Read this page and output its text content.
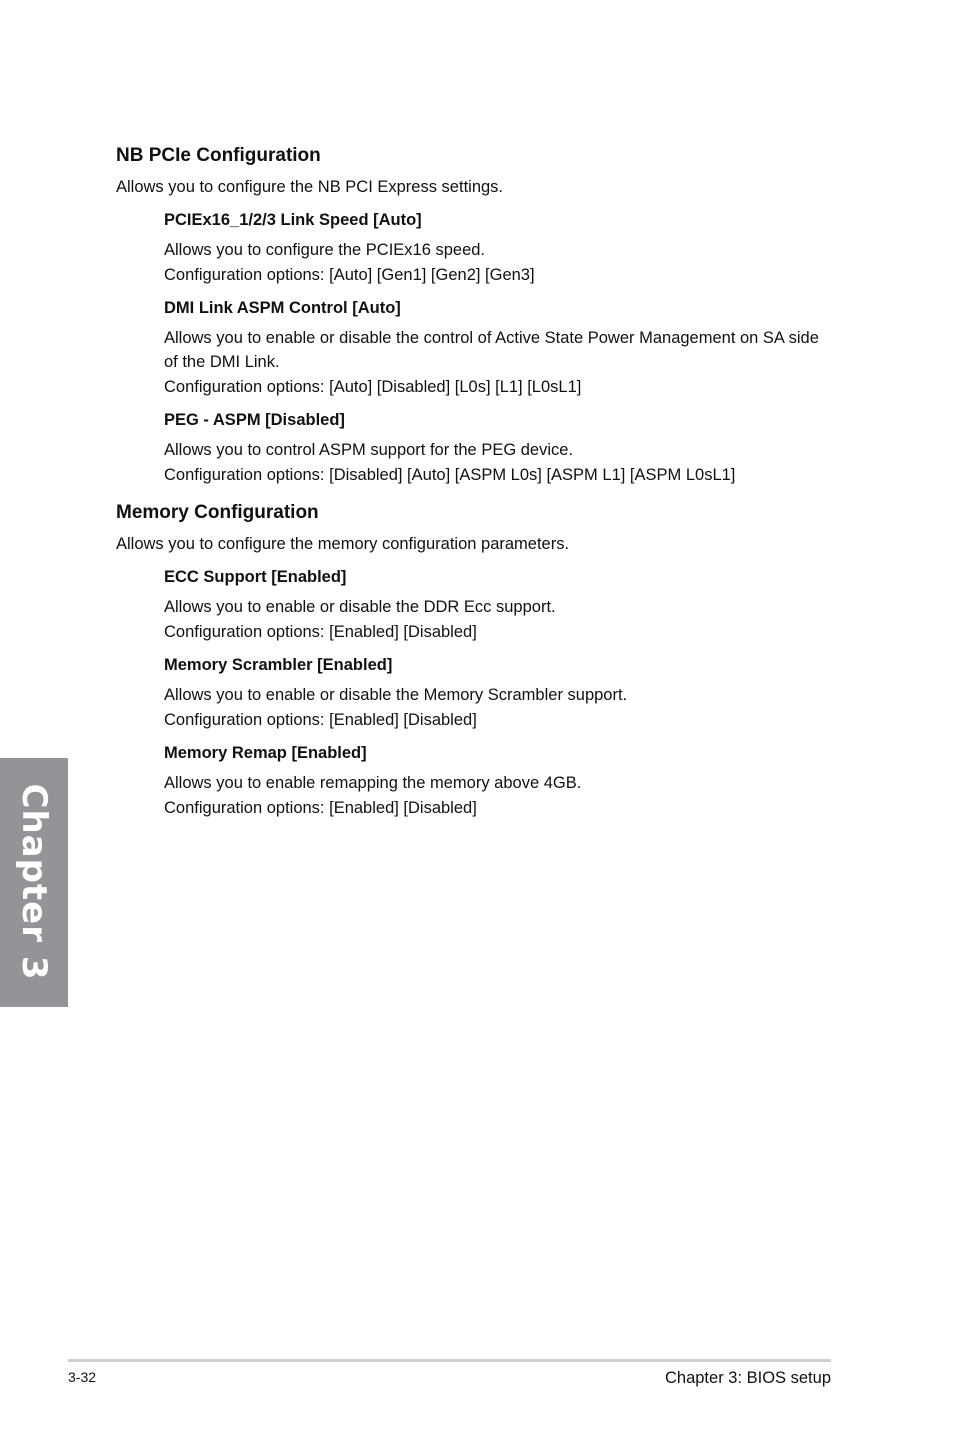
NB PCIe Configuration

Allows you to configure the NB PCI Express settings.

PCIEx16_1/2/3 Link Speed [Auto]

Allows you to configure the PCIEx16 speed.

Configuration options: [Auto] [Gen1] [Gen2] [Gen3]

DMI Link ASPM Control [Auto]

Allows you to enable or disable the control of Active State Power Management on SA side of the DMI Link.

Configuration options: [Auto] [Disabled] [L0s] [L1] [L0sL1]

PEG - ASPM [Disabled]

Allows you to control ASPM support for the PEG device.

Configuration options: [Disabled] [Auto] [ASPM L0s] [ASPM L1] [ASPM L0sL1]

Memory Configuration

Allows you to configure the memory configuration parameters.

ECC Support [Enabled]

Allows you to enable or disable the DDR Ecc support.

Configuration options: [Enabled] [Disabled]

Memory Scrambler [Enabled]

Allows you to enable or disable the Memory Scrambler support.

Configuration options: [Enabled] [Disabled]

Memory Remap [Enabled]

Allows you to enable remapping the memory above 4GB.

Configuration options: [Enabled] [Disabled]

Chapter 3
3-32	Chapter 3: BIOS setup
